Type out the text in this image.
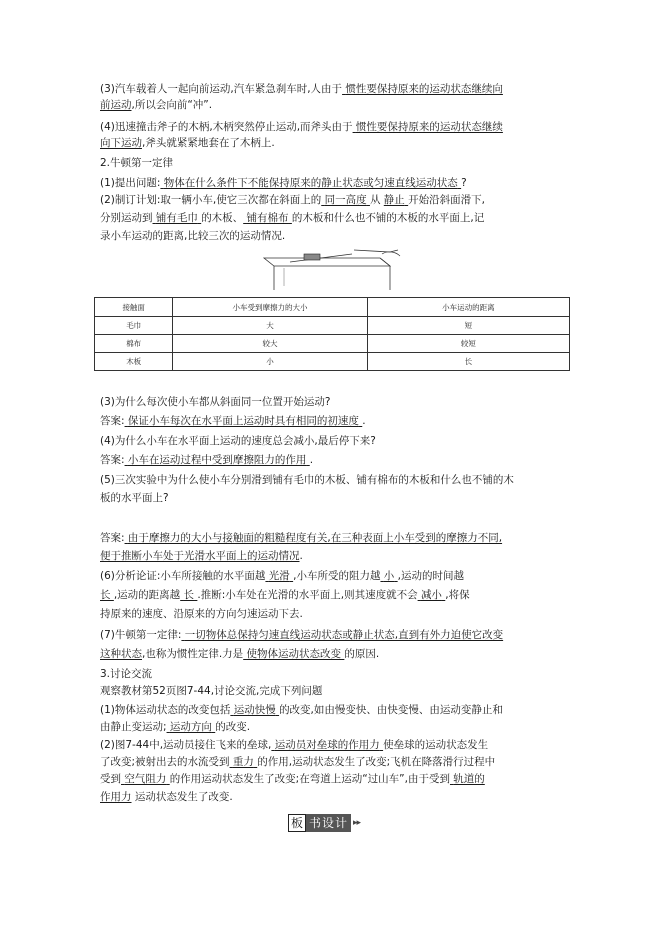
(3)汽车载着人一起向前运动,汽车紧急刹车时,人由于 惯性要保持原来的运动状态继续向
前运动,所以会向前“冲”.
(4)迅速撞击斧子的木柄,木柄突然停止运动,而斧头由于 惯性要保持原来的运动状态继续
向下运动,斧头就紧紧地套在了木柄上.
2.牛顿第一定律
(1)提出问题: 物体在什么条件下不能保持原来的静止状态或匀速直线运动状态 ?
(2)制订计划:取一辆小车,使它三次都在斜面上的 同一高度 从 静止 开始沿斜面滑下,
分别运动到 铺有毛巾 的木板、 铺有棉布 的木板和什么也不铺的木板的水平面上,记
录小车运动的距离,比较三次的运动情况.
接触面	小车受到摩擦力的大小	小车运动的距离
毛巾	大	短
棉布	较大	较短
木板	小	长
(3)为什么每次使小车都从斜面同一位置开始运动?
答案: 保证小车每次在水平面上运动时具有相同的初速度 .
(4)为什么小车在水平面上运动的速度总会减小,最后停下来?
答案: 小车在运动过程中受到摩擦阻力的作用 .
(5)三次实验中为什么使小车分别滑到铺有毛巾的木板、铺有棉布的木板和什么也不铺的木
板的水平面上?
答案: 由于摩擦力的大小与接触面的粗糙程度有关,在三种表面上小车受到的摩擦力不同,
便于推断小车处于光滑水平面上的运动情况.
(6)分析论证:小车所接触的水平面越 光滑 ,小车所受的阻力越 小 ,运动的时间越
长 ,运动的距离越 长 .推断:小车处在光滑的水平面上,则其速度就不会 减小 ,将保
持原来的速度、沿原来的方向匀速运动下去.
(7)牛顿第一定律: 一切物体总保持匀速直线运动状态或静止状态,直到有外力迫使它改变
这种状态,也称为惯性定律.力是 使物体运动状态改变 的原因.
3.讨论交流
观察教材第52页图7-44,讨论交流,完成下列问题
(1)物体运动状态的改变包括 运动快慢 的改变,如由慢变快、由快变慢、由运动变静止和
由静止变运动; 运动方向 的改变.
(2)图7-44中,运动员接住飞来的垒球, 运动员对垒球的作用力 使垒球的运动状态发生
了改变;被射出去的水流受到 重力 的作用,运动状态发生了改变;飞机在降落滑行过程中
受到 空气阻力 的作用运动状态发生了改变;在弯道上运动“过山车”,由于受到 轨道的
作用力 运动状态发生了改变.
板 书设计 ▸▸
